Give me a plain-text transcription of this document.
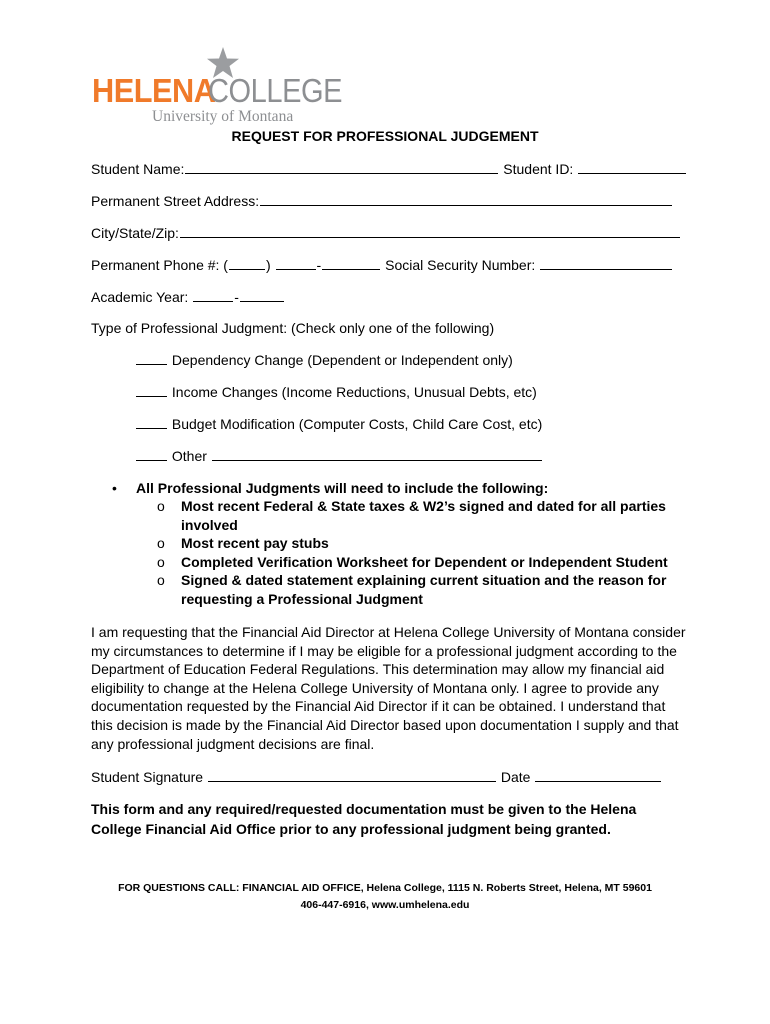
HELENA
COLLEGE
University of Montana
REQUEST FOR PROFESSIONAL JUDGEMENT
Student Name:	Student ID:
Permanent Street Address:
City/State/Zip:
Permanent Phone #: (	)	-	Social Security Number:
Academic Year:	-
Type of Professional Judgment: (Check only one of the following)
Dependency Change (Dependent or Independent only)
Income Changes (Income Reductions, Unusual Debts, etc)
Budget Modification (Computer Costs, Child Care Cost, etc)
Other
• All Professional Judgments will need to include the following:
o Most recent Federal & State taxes & W2’s signed and dated for all parties involved
o Most recent pay stubs
o Completed Verification Worksheet for Dependent or Independent Student
o Signed & dated statement explaining current situation and the reason for requesting a Professional Judgment
I am requesting that the Financial Aid Director at Helena College University of Montana consider
my circumstances to determine if I may be eligible for a professional judgment according to the
Department of Education Federal Regulations. This determination may allow my financial aid
eligibility to change at the Helena College University of Montana only. I agree to provide any
documentation requested by the Financial Aid Director if it can be obtained. I understand that
this decision is made by the Financial Aid Director based upon documentation I supply and that
any professional judgment decisions are final.
Student Signature	Date
This form and any required/requested documentation must be given to the Helena
College Financial Aid Office prior to any professional judgment being granted.
FOR QUESTIONS CALL: FINANCIAL AID OFFICE, Helena College, 1115 N. Roberts Street, Helena, MT 59601
406-447-6916, www.umhelena.edu
